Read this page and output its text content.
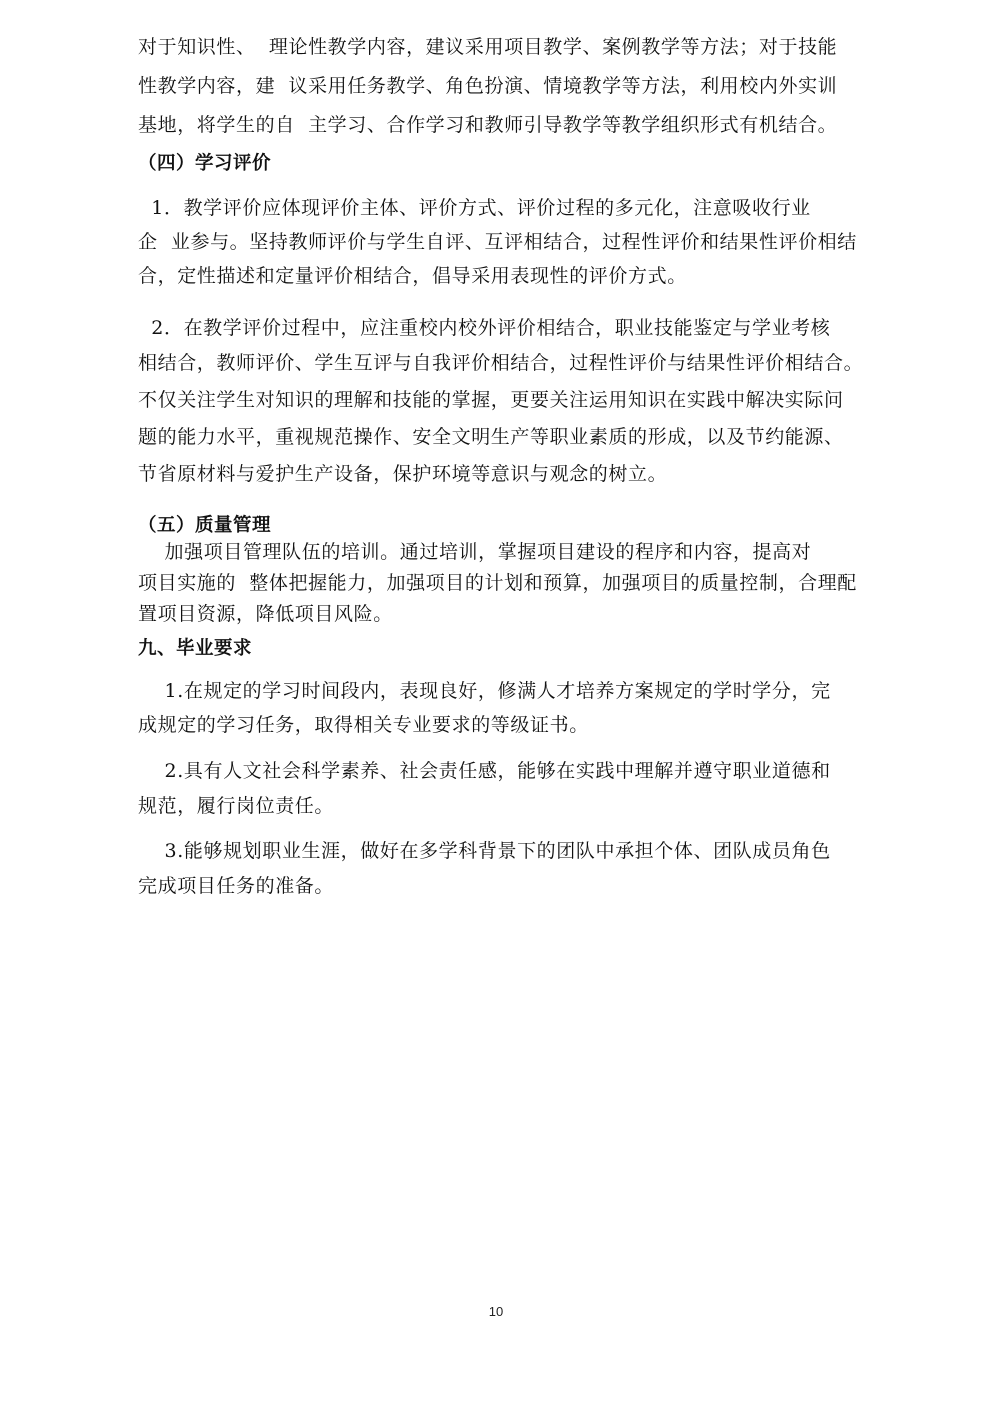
对于知识性、  理论性教学内容，建议采用项目教学、案例教学等方法；对于技能
性教学内容，建  议采用任务教学、角色扮演、情境教学等方法，利用校内外实训
基地，将学生的自  主学习、合作学习和教师引导教学等教学组织形式有机结合。
（四）学习评价
1．教学评价应体现评价主体、评价方式、评价过程的多元化，注意吸收行业
企  业参与。坚持教师评价与学生自评、互评相结合，过程性评价和结果性评价相结
合，定性描述和定量评价相结合，倡导采用表现性的评价方式。
2．在教学评价过程中，应注重校内校外评价相结合，职业技能鉴定与学业考核
相结合，教师评价、学生互评与自我评价相结合，过程性评价与结果性评价相结合。
不仅关注学生对知识的理解和技能的掌握，更要关注运用知识在实践中解决实际问
题的能力水平，重视规范操作、安全文明生产等职业素质的形成，以及节约能源、
节省原材料与爱护生产设备，保护环境等意识与观念的树立。
（五）质量管理
加强项目管理队伍的培训。通过培训，掌握项目建设的程序和内容，提高对
项目实施的  整体把握能力，加强项目的计划和预算，加强项目的质量控制，合理配
置项目资源，降低项目风险。
九、毕业要求
1.在规定的学习时间段内，表现良好，修满人才培养方案规定的学时学分，完
成规定的学习任务，取得相关专业要求的等级证书。
2.具有人文社会科学素养、社会责任感，能够在实践中理解并遵守职业道德和
规范，履行岗位责任。
3.能够规划职业生涯，做好在多学科背景下的团队中承担个体、团队成员角色
完成项目任务的准备。
10
